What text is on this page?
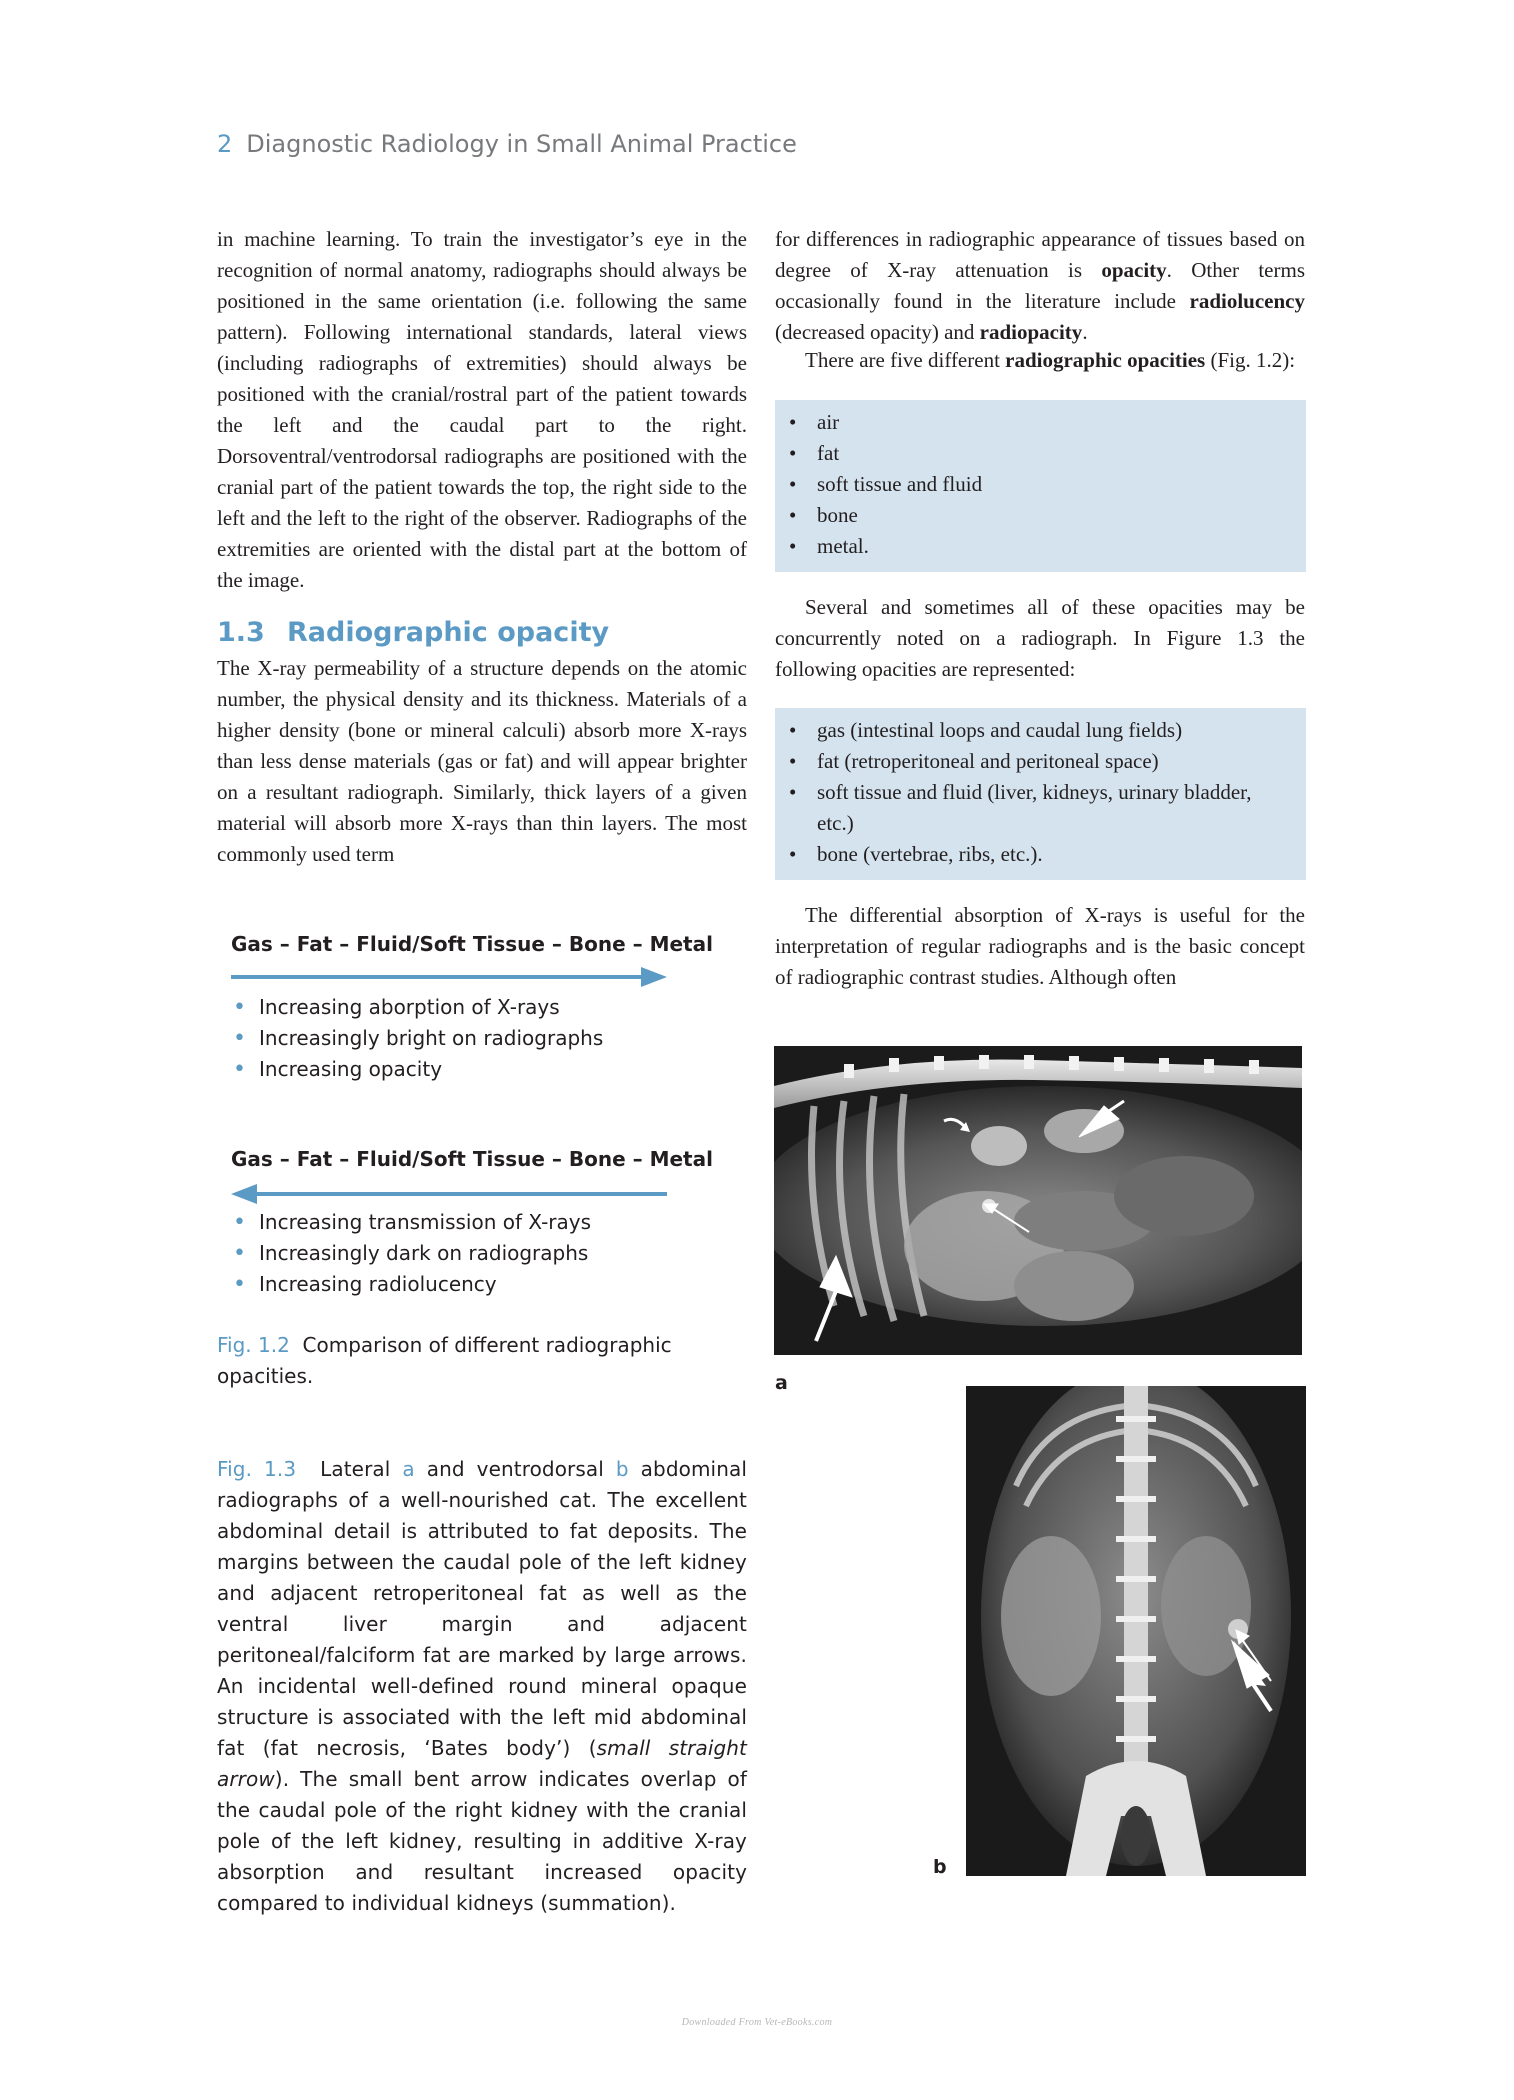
2 Diagnostic Radiology in Small Animal Practice

in machine learning. To train the investigator’s eye in the recognition of normal anatomy, radiographs should always be positioned in the same orientation (i.e. following the same pattern). Following international standards, lateral views (including radiographs of extremities) should always be positioned with the cranial/rostral part of the patient towards the left and the caudal part to the right. Dorsoventral/ventrodorsal radiographs are positioned with the cranial part of the patient towards the top, the right side to the left and the left to the right of the observer. Radiographs of the extremities are oriented with the distal part at the bottom of the image.

1.3 Radiographic opacity

The X-ray permeability of a structure depends on the atomic number, the physical density and its thickness. Materials of a higher density (bone or mineral calculi) absorb more X-rays than less dense materials (gas or fat) and will appear brighter on a resultant radiograph. Similarly, thick layers of a given material will absorb more X-rays than thin layers. The most commonly used term

for differences in radiographic appearance of tissues based on degree of X-ray attenuation is opacity. Other terms occasionally found in the literature include radiolucency (decreased opacity) and radiopacity.

There are five different radiographic opacities (Fig. 1.2):

• air
• fat
• soft tissue and fluid
• bone
• metal.

Several and sometimes all of these opacities may be concurrently noted on a radiograph. In Figure 1.3 the following opacities are represented:

• gas (intestinal loops and caudal lung fields)
• fat (retroperitoneal and peritoneal space)
• soft tissue and fluid (liver, kidneys, urinary bladder, etc.)
• bone (vertebrae, ribs, etc.).

The differential absorption of X-rays is useful for the interpretation of regular radiographs and is the basic concept of radiographic contrast studies. Although often

Gas – Fat – Fluid/Soft Tissue – Bone – Metal
• Increasing aborption of X-rays
• Increasingly bright on radiographs
• Increasing opacity
Gas – Fat – Fluid/Soft Tissue – Bone – Metal
• Increasing transmission of X-rays
• Increasingly dark on radiographs
• Increasing radiolucency
Fig. 1.2 Comparison of different radiographic opacities.
Fig. 1.3 Lateral a and ventrodorsal b abdominal radiographs of a well-nourished cat. The excellent abdominal detail is attributed to fat deposits. The margins between the caudal pole of the left kidney and adjacent retroperitoneal fat as well as the ventral liver margin and adjacent peritoneal/falciform fat are marked by large arrows. An incidental well-defined round mineral opaque structure is associated with the left mid abdominal fat (fat necrosis, ‘Bates body’) (small straight arrow). The small bent arrow indicates overlap of the caudal pole of the right kidney with the cranial pole of the left kidney, resulting in additive X-ray absorption and resultant increased opacity compared to individual kidneys (summation).
a
b
Downloaded From Vet-eBooks.com
